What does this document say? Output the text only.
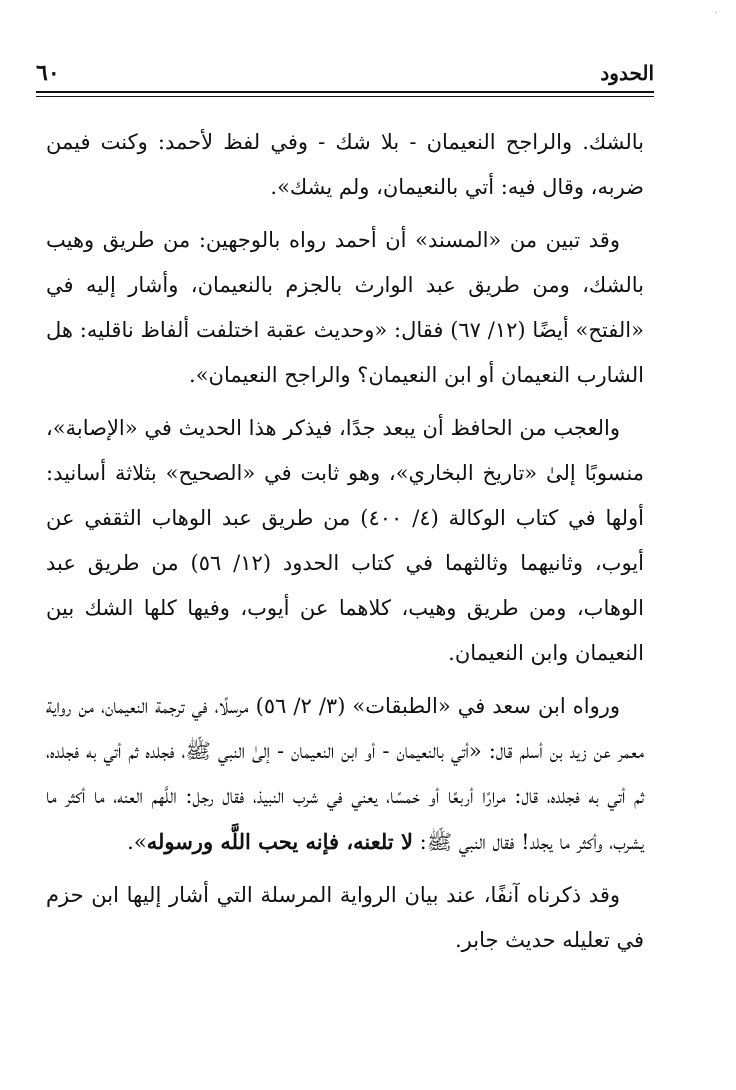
·
٦٠	الحدود

بالشك. والراجح النعيمان - بلا شك - وفي لفظ لأحمد: وكنت فيمن ضربه، وقال فيه: أتي بالنعيمان، ولم يشك».

وقد تبين من «المسند» أن أحمد رواه بالوجهين: من طريق وهيب بالشك، ومن طريق عبد الوارث بالجزم بالنعيمان، وأشار إليه في «الفتح» أيضًا (١٢/ ٦٧) فقال: «وحديث عقبة اختلفت ألفاظ ناقليه: هل الشارب النعيمان أو ابن النعيمان؟ والراجح النعيمان».

والعجب من الحافظ أن يبعد جدًا، فيذكر هذا الحديث في «الإصابة»، منسوبًا إلىٰ «تاريخ البخاري»، وهو ثابت في «الصحيح» بثلاثة أسانيد: أولها في كتاب الوكالة (٤/ ٤٠٠) من طريق عبد الوهاب الثقفي عن أيوب، وثانيهما وثالثهما في كتاب الحدود (١٢/ ٥٦) من طريق عبد الوهاب، ومن طريق وهيب، كلاهما عن أيوب، وفيها كلها الشك بين النعيمان وابن النعيمان.

ورواه ابن سعد في «الطبقات» (٣/ ٢/ ٥٦) مرسلًا، في ترجمة النعيمان، من رواية معمر عن زيد بن أسلم قال: «أتي بالنعيمان - أو ابن النعيمان - إلىٰ النبي ﷺ، فجلده ثم أتي به فجلده، ثم أتي به فجلده، قال: مرارًا أربعًا أو خمسًا، يعني في شرب النبيذ، فقال رجل: اللَّهم العنه، ما أكثر ما يشرب، وأكثر ما يجلد! فقال النبي ﷺ: لا تلعنه، فإنه يحب اللَّه ورسوله».

وقد ذكرناه آنفًا، عند بيان الرواية المرسلة التي أشار إليها ابن حزم في تعليله حديث جابر.
